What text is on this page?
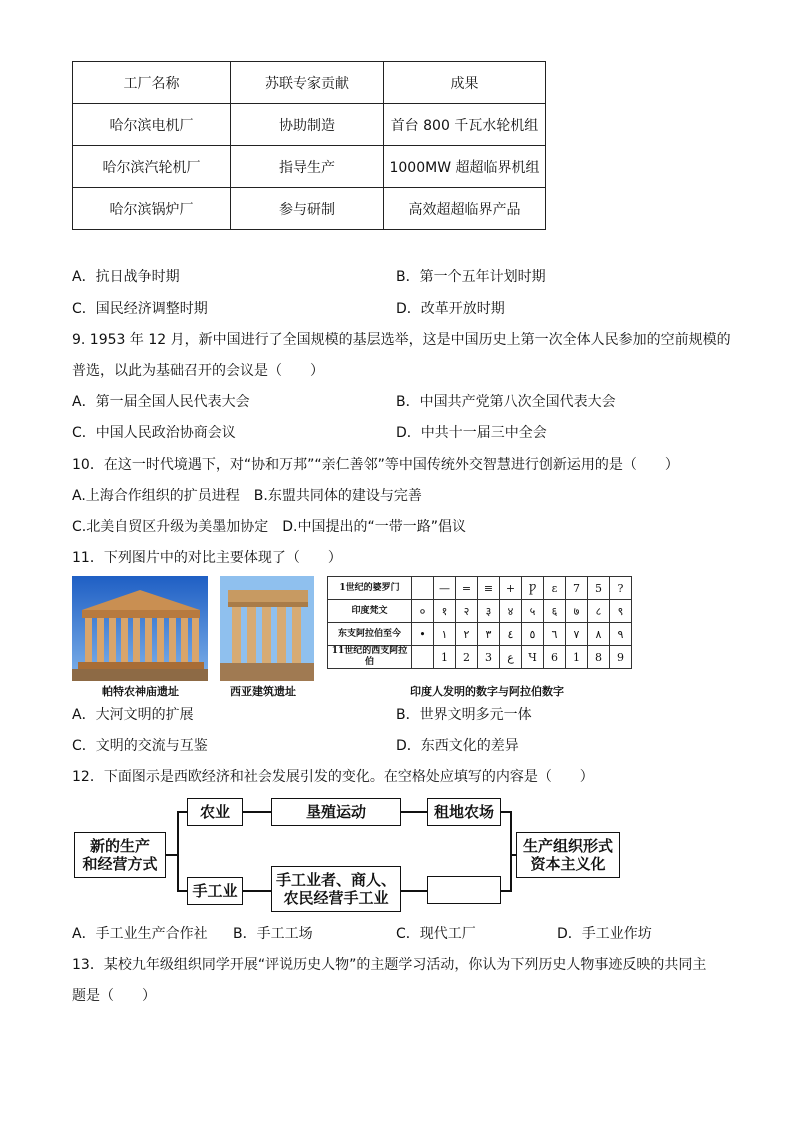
工厂名称	苏联专家贡献	成果
哈尔滨电机厂	协助制造	首台 800 千瓦水轮机组
哈尔滨汽轮机厂	指导生产	1000MW 超超临界机组
哈尔滨锅炉厂	参与研制	高效超超临界产品
A．抗日战争时期	B．第一个五年计划时期
C．国民经济调整时期	D．改革开放时期
9. 1953 年 12 月，新中国进行了全国规模的基层选举，这是中国历史上第一次全体人民参加的空前规模的
普选，以此为基础召开的会议是（　　）
A．第一届全国人民代表大会	B．中国共产党第八次全国代表大会
C．中国人民政治协商会议	D．中共十一届三中全会
10．在这一时代境遇下，对“协和万邦”“亲仁善邻”等中国传统外交智慧进行创新运用的是（　　）
A.上海合作组织的扩员进程　B.东盟共同体的建设与完善
C.北美自贸区升级为美墨加协定　D.中国提出的“一带一路”倡议
11．下列图片中的对比主要体现了（　　）
帕特农神庙遗址	西亚建筑遗址
1世纪的婆罗门		—	=	≡	+	Ƿ	ɛ	7	5	?
印度梵文	०	१	२	३	४	५	६	७	८	९
东支阿拉伯至今	•	١	٢	٣	٤	٥	٦	٧	٨	٩
11世纪的西支阿拉伯		1	2	3	ع	Ч	6	1	8	9
印度人发明的数字与阿拉伯数字
A．大河文明的扩展	B．世界文明多元一体
C．文明的交流与互鉴	D．东西文化的差异
12．下面图示是西欧经济和社会发展引发的变化。在空格处应填写的内容是（　　）
新的生产
和经营方式
农业	垦殖运动	租地农场
手工业
手工业者、商人、
农民经营手工业
生产组织形式
资本主义化
A．手工业生产合作社 B．手工工场	C．现代工厂	D．手工业作坊
13．某校九年级组织同学开展“评说历史人物”的主题学习活动，你认为下列历史人物事迹反映的共同主
题是（　　）
